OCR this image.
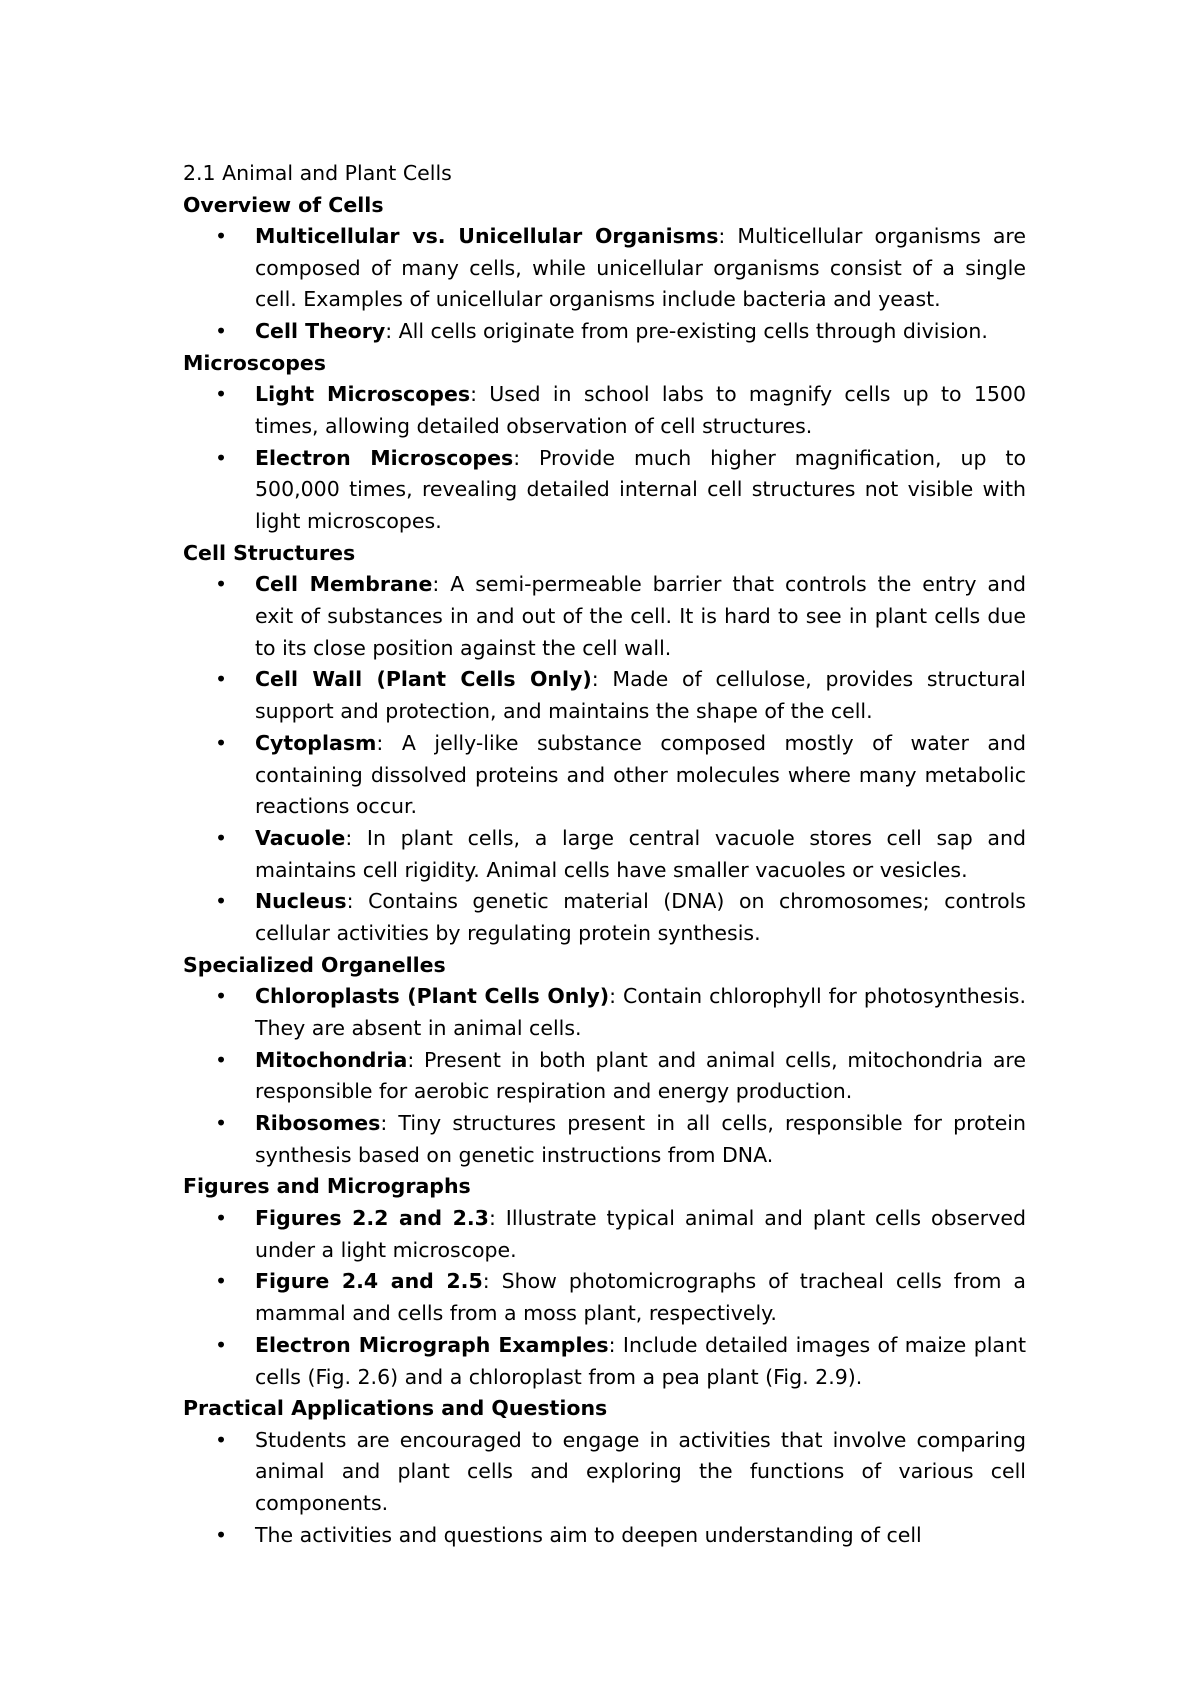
2.1 Animal and Plant Cells

Overview of Cells

• Multicellular vs. Unicellular Organisms: Multicellular organisms are composed of many cells, while unicellular organisms consist of a single cell. Examples of unicellular organisms include bacteria and yeast.
• Cell Theory: All cells originate from pre-existing cells through division.

Microscopes

• Light Microscopes: Used in school labs to magnify cells up to 1500 times, allowing detailed observation of cell structures.
• Electron Microscopes: Provide much higher magnification, up to 500,000 times, revealing detailed internal cell structures not visible with light microscopes.

Cell Structures

• Cell Membrane: A semi-permeable barrier that controls the entry and exit of substances in and out of the cell. It is hard to see in plant cells due to its close position against the cell wall.
• Cell Wall (Plant Cells Only): Made of cellulose, provides structural support and protection, and maintains the shape of the cell.
• Cytoplasm: A jelly-like substance composed mostly of water and containing dissolved proteins and other molecules where many metabolic reactions occur.
• Vacuole: In plant cells, a large central vacuole stores cell sap and maintains cell rigidity. Animal cells have smaller vacuoles or vesicles.
• Nucleus: Contains genetic material (DNA) on chromosomes; controls cellular activities by regulating protein synthesis.

Specialized Organelles

• Chloroplasts (Plant Cells Only): Contain chlorophyll for photosynthesis. They are absent in animal cells.
• Mitochondria: Present in both plant and animal cells, mitochondria are responsible for aerobic respiration and energy production.
• Ribosomes: Tiny structures present in all cells, responsible for protein synthesis based on genetic instructions from DNA.

Figures and Micrographs

• Figures 2.2 and 2.3: Illustrate typical animal and plant cells observed under a light microscope.
• Figure 2.4 and 2.5: Show photomicrographs of tracheal cells from a mammal and cells from a moss plant, respectively.
• Electron Micrograph Examples: Include detailed images of maize plant cells (Fig. 2.6) and a chloroplast from a pea plant (Fig. 2.9).

Practical Applications and Questions

• Students are encouraged to engage in activities that involve comparing animal and plant cells and exploring the functions of various cell components.
• The activities and questions aim to deepen understanding of cell
